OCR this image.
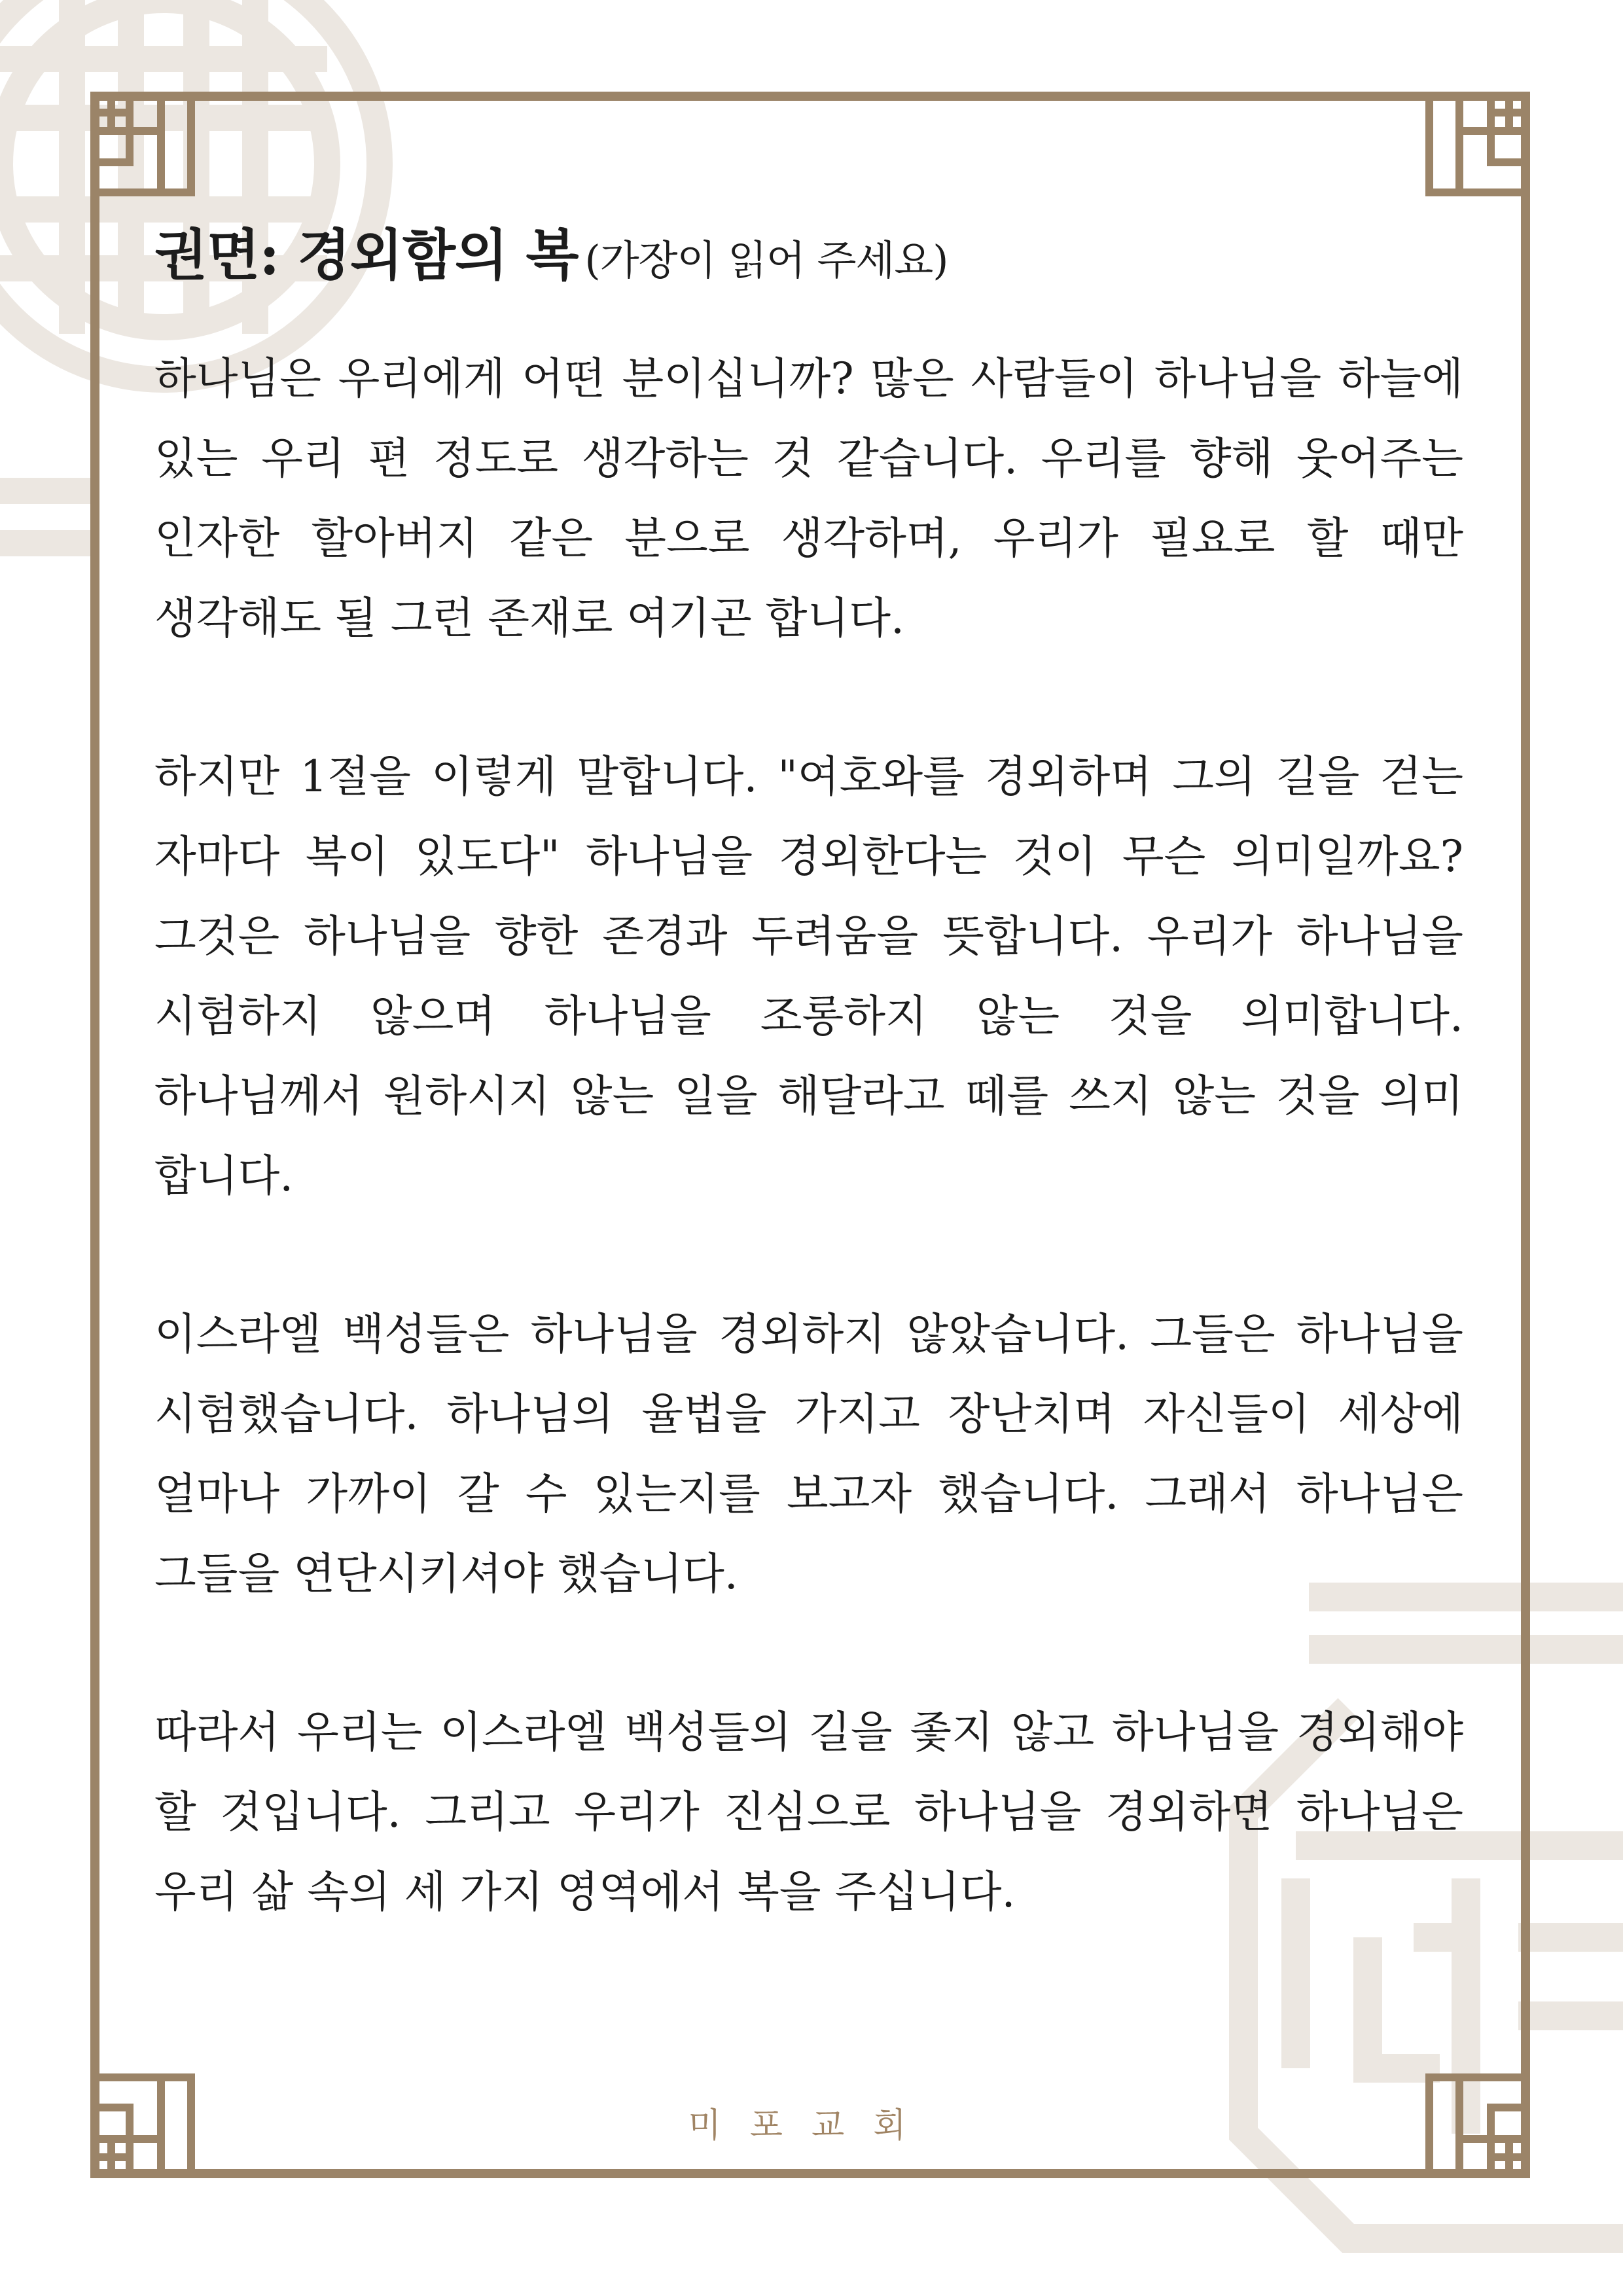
권면: 경외함의 복 (가장이 읽어 주세요)

하나님은 우리에게 어떤 분이십니까? 많은 사람들이 하나님을 하늘에 있는 우리 편 정도로 생각하는 것 같습니다. 우리를 향해 웃어주는 인자한 할아버지 같은 분으로 생각하며, 우리가 필요로 할 때만 생각해도 될 그런 존재로 여기곤 합니다.

하지만 1절을 이렇게 말합니다. "여호와를 경외하며 그의 길을 걷는 자마다 복이 있도다" 하나님을 경외한다는 것이 무슨 의미일까요? 그것은 하나님을 향한 존경과 두려움을 뜻합니다. 우리가 하나님을 시험하지 않으며 하나님을 조롱하지 않는 것을 의미합니다. 하나님께서 원하시지 않는 일을 해달라고 떼를 쓰지 않는 것을 의미 합니다.

이스라엘 백성들은 하나님을 경외하지 않았습니다. 그들은 하나님을 시험했습니다. 하나님의 율법을 가지고 장난치며 자신들이 세상에 얼마나 가까이 갈 수 있는지를 보고자 했습니다. 그래서 하나님은 그들을 연단시키셔야 했습니다.

따라서 우리는 이스라엘 백성들의 길을 좇지 않고 하나님을 경외해야 할 것입니다. 그리고 우리가 진심으로 하나님을 경외하면 하나님은 우리 삶 속의 세 가지 영역에서 복을 주십니다.

미포교회
